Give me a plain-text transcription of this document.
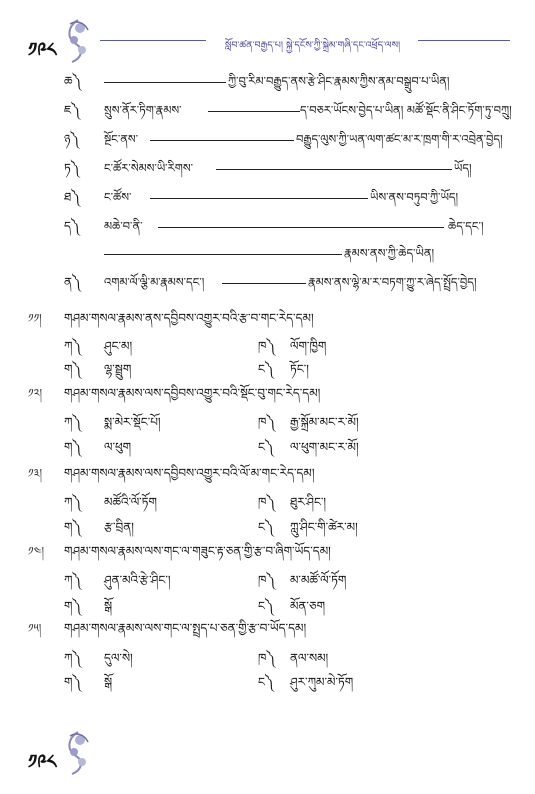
༡༩༨	སློབ་ཚན་བརྒྱད་པ། སྐྱེ་དངོས་ཀྱི་སྐྲེམ་གཞི་དང་འཕྲོད་ལས།
ཆ༽	ཀྱི་བུ་རིམ་བརྒྱུད་ནས་རྩེ་ཤིང་རྣམས་ཀྱིས་ནམ་བསྒྲུབ་པ་ཡིན།
ཇ༽ སྲུས་ནོར་ཏིག་རྣམས་	ད་བཅར་ཡོངས་བྱེད་པ་ཡིན། མཚོ་སྡོང་ནི་ཤིང་ཏོག་ཏུ་བཀྲུ།
ཉ༽ སྔོང་ནས་	བརྒྱུད་ལུས་ཀྱི་ཡན་ལག་ཚང་མ་ར་ཁྲག་གི་ར་འབྲེན་བྱེད།
ཏ༽ ང་ཚོར་སེམས་ཡི་རིགས་	ཡོད།
ཐ༽ ང་ཚོས་	ཡིས་ནས་བཏུབ་ཀྱི་ཡོད།
ད༽ མཆེ་བ་ནི་	ཆེད་དང་།
རྣམས་ནས་ཀྱི་ཆེད་ཡིན།
ན༽ འགམ་ལོ་ལྕི་མ་རྣམས་དང་།	རྣམས་ནས་ལྷེ་མ་ར་བཏག་ཀྱུ་ར་ཞེད་སྤྲོད་བྱེད།
༡༡། གཤམ་གསལ་རྣམས་ནས་དབྱིབས་འགྱུར་བའི་རྩ་བ་གང་རེད་དམ།
ཀ༽ ཤུང་མ།	ཁ༽ ལོག་ཁྱིག
ག༽ ལྷ་སྦྲུག	ང༽ ཏོང་།
༡༢། གཤམ་གསལ་རྣམས་ལས་དབྱིབས་འགྱུར་བའི་སྡོང་བུ་གང་རེད་དམ།
ཀ༽ སྨ་མེར་སྡོང་པོ།	ཁ༽ རྒྱ་སྐྲོམ་མང་ར་མོ།
ག༽ ལ་ཕུག	ང༽ ལ་ཕུག་མང་ར་མོ།
༡༣། གཤམ་གསལ་རྣམས་ལས་དབྱིབས་འགྱུར་བའི་ལོ་མ་གང་རེད་དམ།
ཀ༽ མཚོའི་ལོ་ཏོག	ཁ༽ ཐུར་ཤིང་།
ག༽ རྩ་བྲིན།	ང༽ ཀླུ་ཤིང་གི་ཚེར་མ།
༡༤། གཤམ་གསལ་རྣམས་ལས་གང་ལ་གཟུང་རྟ་ཅན་གྱི་རྩ་བ་ཞིག་ཡོད་དམ།
ཀ༽ ཤུན་མའི་རྩེ་ཤིང་།	ཁ༽ མ་མཚོ་ལོ་ཏོག
ག༽ སྒོ	ང༽ མོན་ཅག
༡༥། གཤམ་གསལ་རྣམས་ལས་གང་ལ་སྤྲད་པ་ཅན་གྱི་རྩ་བ་ཡོད་དམ།
ཀ༽ དུལ་སེ།	ཁ༽ ནལ་སམ།
ག༽ སྒོ	ང༽ ཤུར་ཀུམ་མེ་ཏོག
༡༩༨
